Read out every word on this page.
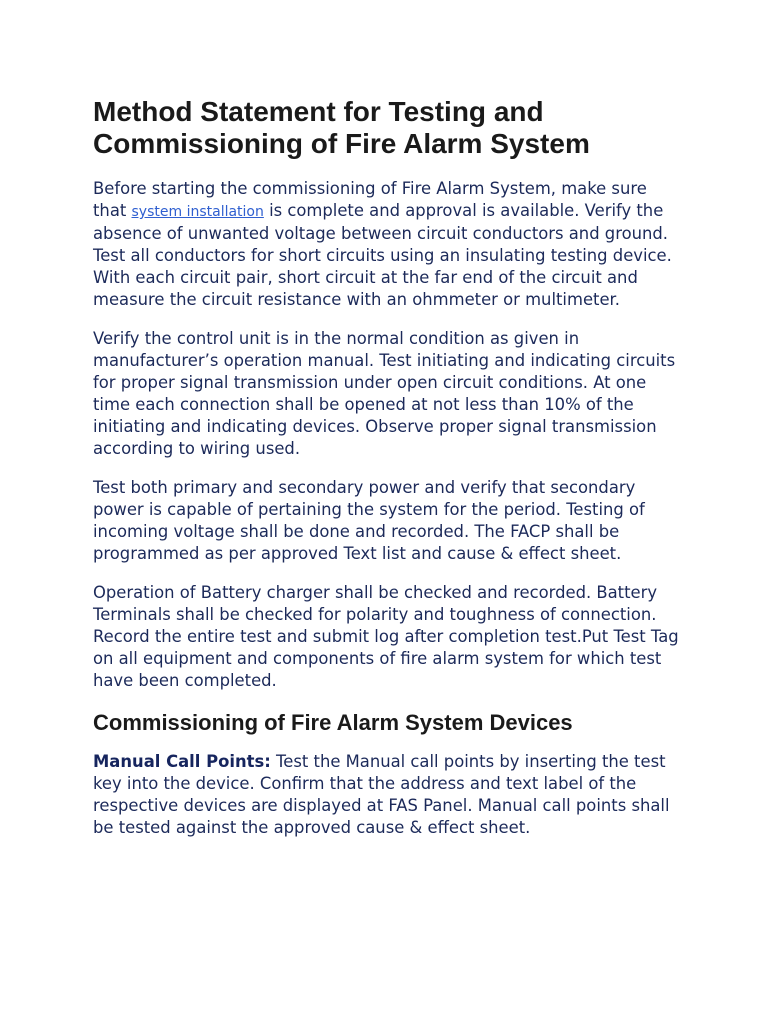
Method Statement for Testing and Commissioning of Fire Alarm System

Before starting the commissioning of Fire Alarm System, make sure that system installation is complete and approval is available. Verify the absence of unwanted voltage between circuit conductors and ground. Test all conductors for short circuits using an insulating testing device. With each circuit pair, short circuit at the far end of the circuit and measure the circuit resistance with an ohmmeter or multimeter.

Verify the control unit is in the normal condition as given in manufacturer’s operation manual. Test initiating and indicating circuits for proper signal transmission under open circuit conditions. At one time each connection shall be opened at not less than 10% of the initiating and indicating devices. Observe proper signal transmission according to wiring used.

Test both primary and secondary power and verify that secondary power is capable of pertaining the system for the period. Testing of incoming voltage shall be done and recorded. The FACP shall be programmed as per approved Text list and cause & effect sheet.

Operation of Battery charger shall be checked and recorded. Battery Terminals shall be checked for polarity and toughness of connection. Record the entire test and submit log after completion test.Put Test Tag on all equipment and components of fire alarm system for which test have been completed.

Commissioning of Fire Alarm System Devices

Manual Call Points: Test the Manual call points by inserting the test key into the device. Confirm that the address and text label of the respective devices are displayed at FAS Panel. Manual call points shall be tested against the approved cause & effect sheet.
